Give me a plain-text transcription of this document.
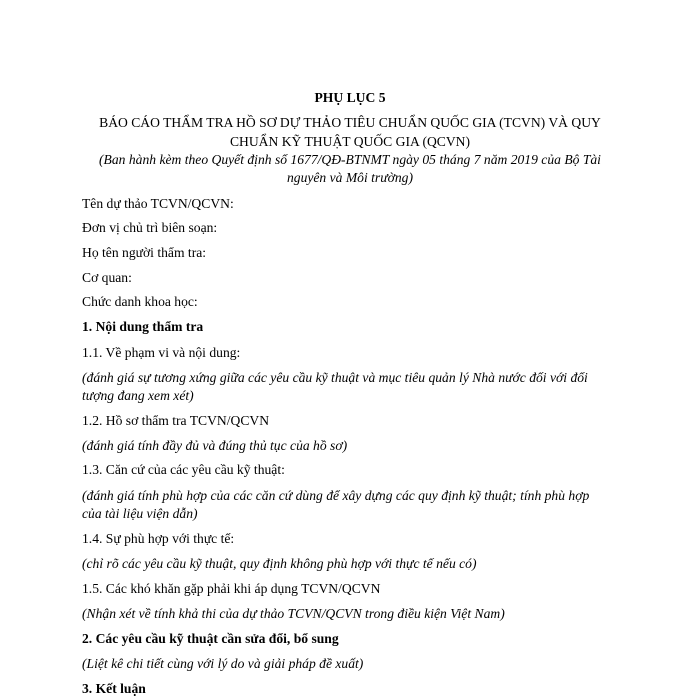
PHỤ LỤC 5
BÁO CÁO THẨM TRA HỒ SƠ DỰ THẢO TIÊU CHUẨN QUỐC GIA (TCVN) VÀ QUY
CHUẨN KỸ THUẬT QUỐC GIA (QCVN)
(Ban hành kèm theo Quyết định số 1677/QĐ-BTNMT ngày 05 tháng 7 năm 2019 của Bộ Tài
nguyên và Môi trường)
Tên dự thảo TCVN/QCVN:
Đơn vị chủ trì biên soạn:
Họ tên người thẩm tra:
Cơ quan:
Chức danh khoa học:
1. Nội dung thẩm tra
1.1. Về phạm vi và nội dung:
(đánh giá sự tương xứng giữa các yêu cầu kỹ thuật và mục tiêu quản lý Nhà nước đối với đối
tượng đang xem xét)
1.2. Hồ sơ thẩm tra TCVN/QCVN
(đánh giá tính đầy đủ và đúng thủ tục của hồ sơ)
1.3. Căn cứ của các yêu cầu kỹ thuật:
(đánh giá tính phù hợp của các căn cứ dùng để xây dựng các quy định kỹ thuật; tính phù hợp
của tài liệu viện dẫn)
1.4. Sự phù hợp với thực tế:
(chỉ rõ các yêu cầu kỹ thuật, quy định không phù hợp với thực tế nếu có)
1.5. Các khó khăn gặp phải khi áp dụng TCVN/QCVN
(Nhận xét về tính khả thi của dự thảo TCVN/QCVN trong điều kiện Việt Nam)
2. Các yêu cầu kỹ thuật cần sửa đổi, bổ sung
(Liệt kê chi tiết cùng với lý do và giải pháp đề xuất)
3. Kết luận
